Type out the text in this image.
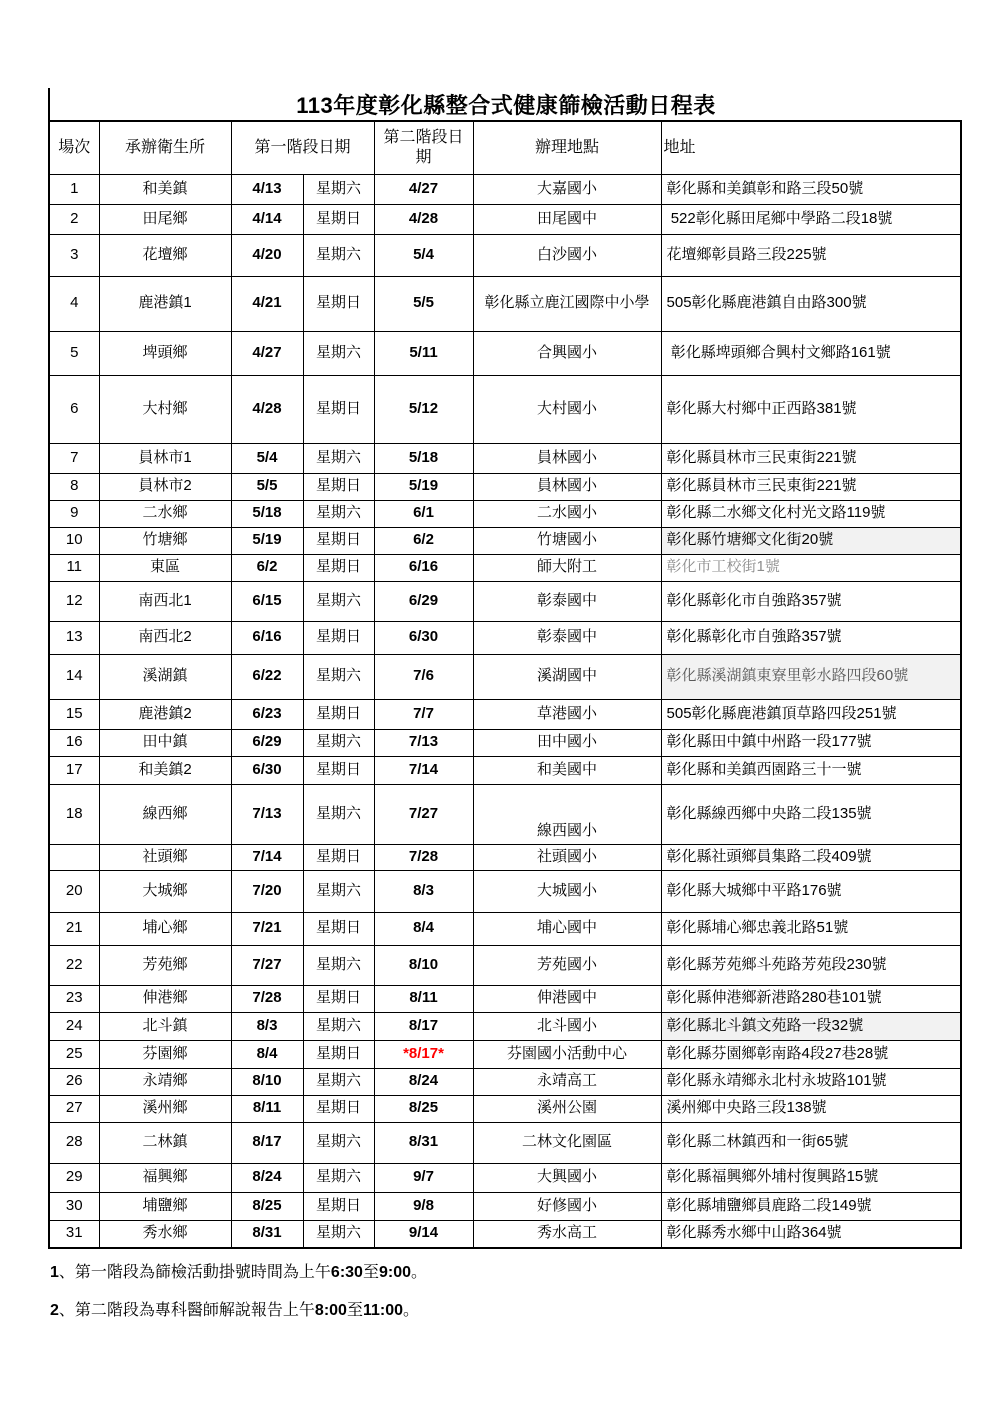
113年度彰化縣整合式健康篩檢活動日程表
場次	承辦衛生所	第一階段日期		第二階段日期	辦理地點	地址
1	和美鎮	4/13	星期六	4/27	大嘉國小	彰化縣和美鎮彰和路三段50號
2	田尾鄉	4/14	星期日	4/28	田尾國中	522彰化縣田尾鄉中學路二段18號
3	花壇鄉	4/20	星期六	5/4	白沙國小	花壇鄉彰員路三段225號
4	鹿港鎮1	4/21	星期日	5/5	彰化縣立鹿江國際中小學	505彰化縣鹿港鎮自由路300號
5	埤頭鄉	4/27	星期六	5/11	合興國小	彰化縣埤頭鄉合興村文鄉路161號
6	大村鄉	4/28	星期日	5/12	大村國小	彰化縣大村鄉中正西路381號
7	員林市1	5/4	星期六	5/18	員林國小	彰化縣員林市三民東街221號
8	員林市2	5/5	星期日	5/19	員林國小	彰化縣員林市三民東街221號
9	二水鄉	5/18	星期六	6/1	二水國小	彰化縣二水鄉文化村光文路119號
10	竹塘鄉	5/19	星期日	6/2	竹塘國小	彰化縣竹塘鄉文化街20號
11	東區	6/2	星期日	6/16	師大附工	彰化市工校街1號
12	南西北1	6/15	星期六	6/29	彰泰國中	彰化縣彰化市自強路357號
13	南西北2	6/16	星期日	6/30	彰泰國中	彰化縣彰化市自強路357號
14	溪湖鎮	6/22	星期六	7/6	溪湖國中	彰化縣溪湖鎮東寮里彰水路四段60號
15	鹿港鎮2	6/23	星期日	7/7	草港國小	505彰化縣鹿港鎮頂草路四段251號
16	田中鎮	6/29	星期六	7/13	田中國小	彰化縣田中鎮中州路一段177號
17	和美鎮2	6/30	星期日	7/14	和美國中	彰化縣和美鎮西園路三十一號
18	線西鄉	7/13	星期六	7/27	線西國小	彰化縣線西鄉中央路二段135號
	社頭鄉	7/14	星期日	7/28	社頭國小	彰化縣社頭鄉員集路二段409號
20	大城鄉	7/20	星期六	8/3	大城國小	彰化縣大城鄉中平路176號
21	埔心鄉	7/21	星期日	8/4	埔心國中	彰化縣埔心鄉忠義北路51號
22	芳苑鄉	7/27	星期六	8/10	芳苑國小	彰化縣芳苑鄉斗苑路芳苑段230號
23	伸港鄉	7/28	星期日	8/11	伸港國中	彰化縣伸港鄉新港路280巷101號
24	北斗鎮	8/3	星期六	8/17	北斗國小	彰化縣北斗鎮文苑路一段32號
25	芬園鄉	8/4	星期日	*8/17*	芬園國小活動中心	彰化縣芬園鄉彰南路4段27巷28號
26	永靖鄉	8/10	星期六	8/24	永靖高工	彰化縣永靖鄉永北村永坡路101號
27	溪州鄉	8/11	星期日	8/25	溪州公園	溪州鄉中央路三段138號
28	二林鎮	8/17	星期六	8/31	二林文化園區	彰化縣二林鎮西和一街65號
29	福興鄉	8/24	星期六	9/7	大興國小	彰化縣福興鄉外埔村復興路15號
30	埔鹽鄉	8/25	星期日	9/8	好修國小	彰化縣埔鹽鄉員鹿路二段149號
31	秀水鄉	8/31	星期六	9/14	秀水高工	彰化縣秀水鄉中山路364號

1、第一階段為篩檢活動掛號時間為上午6:30至9:00。

2、第二階段為專科醫師解說報告上午8:00至11:00。
